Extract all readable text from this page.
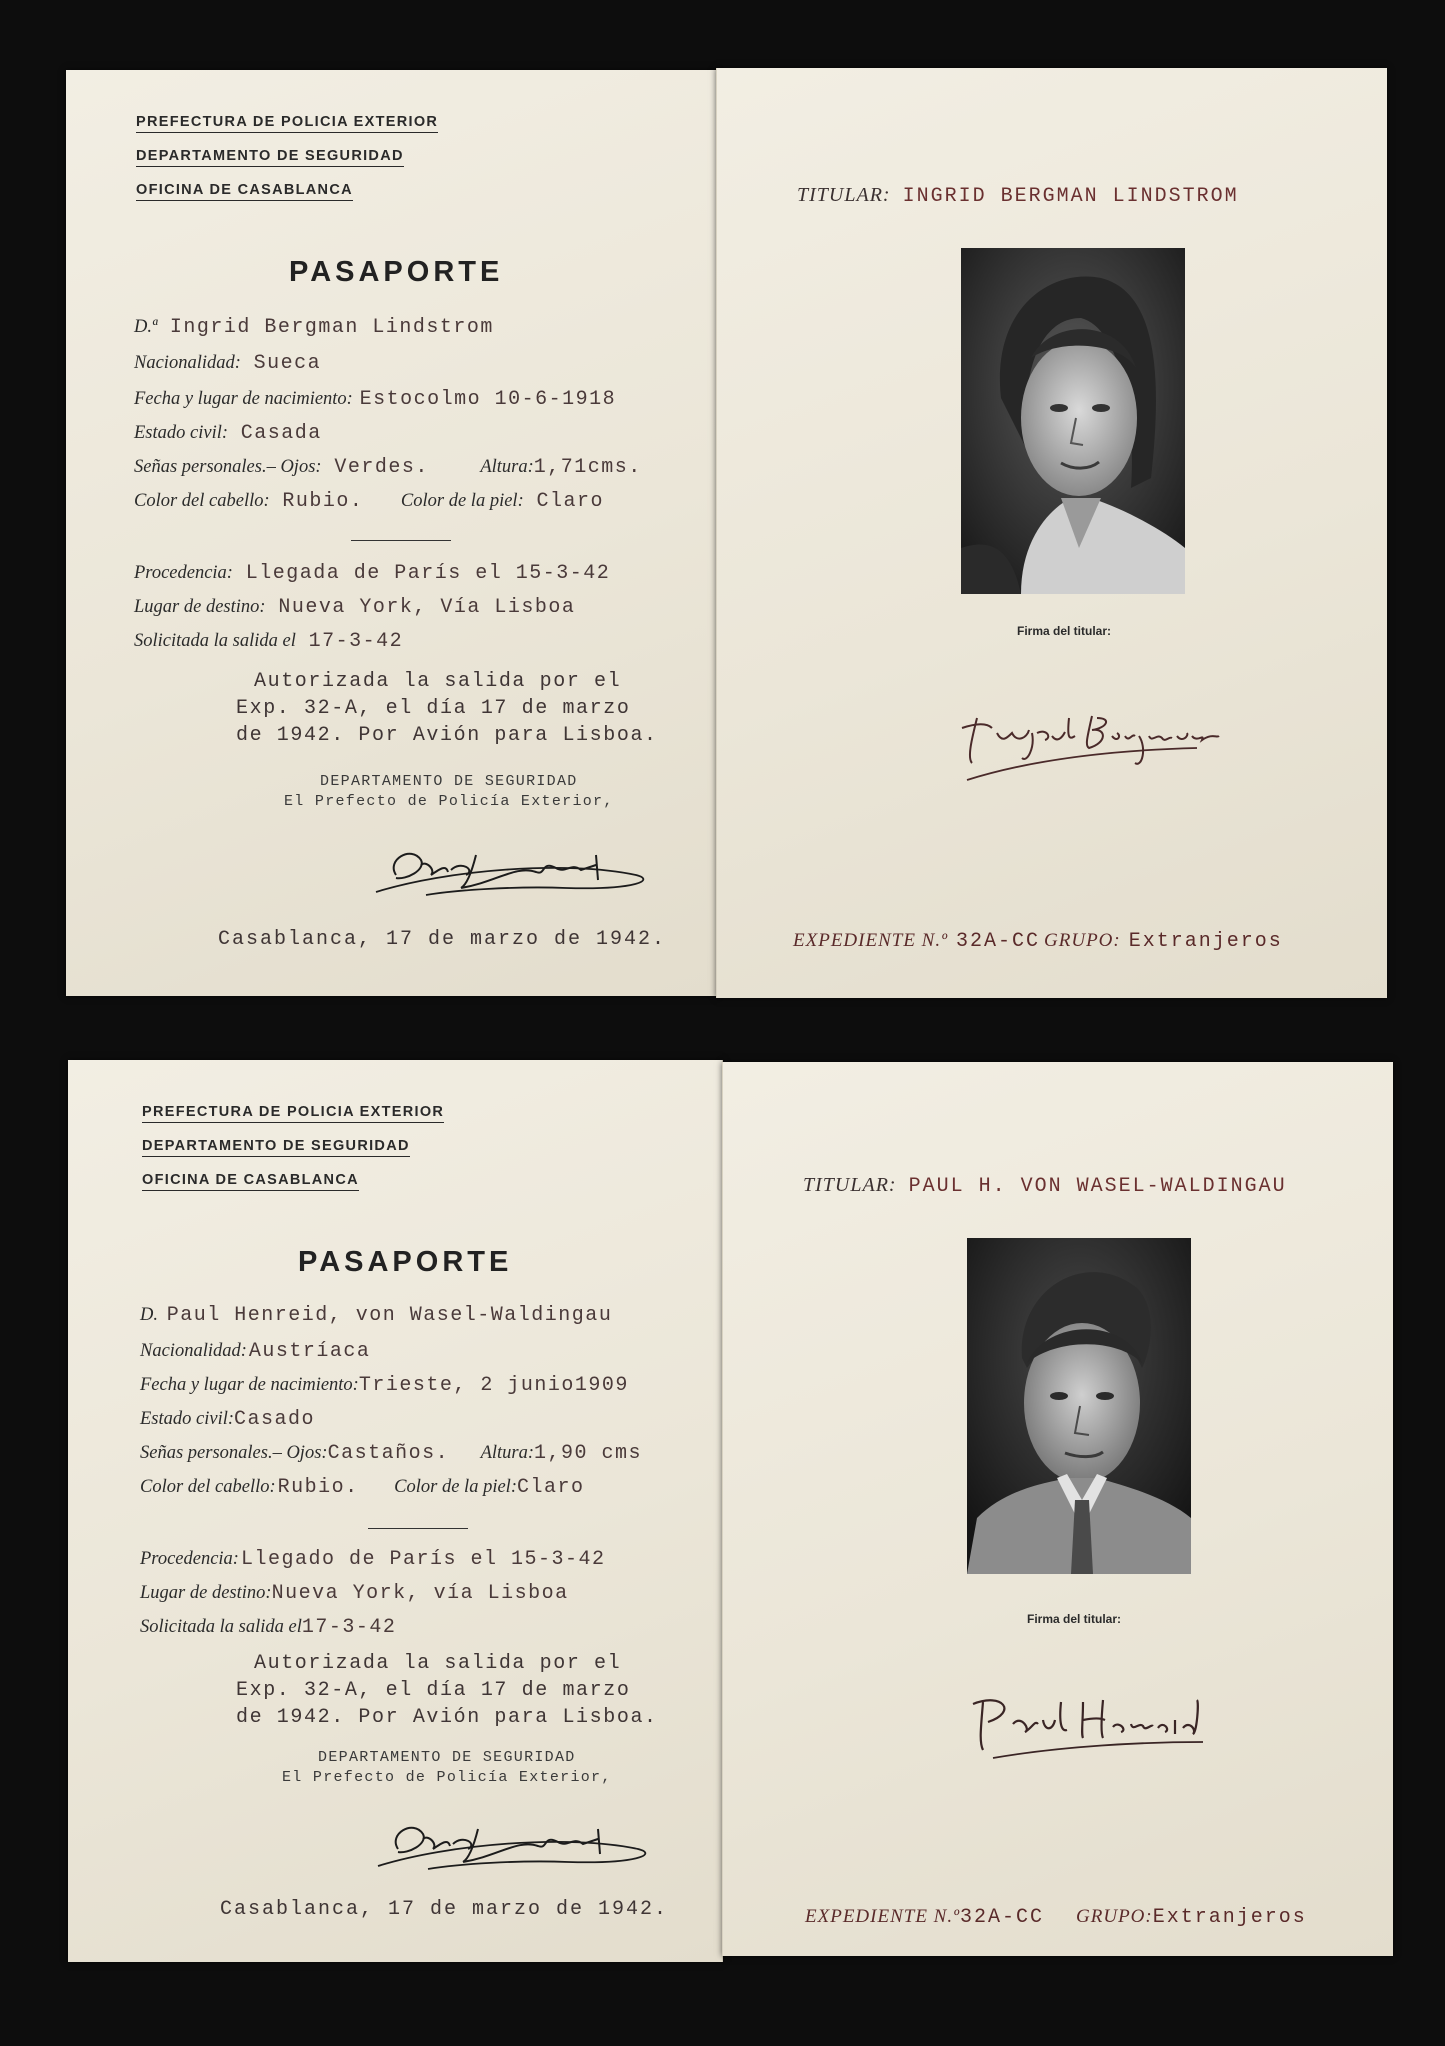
PREFECTURA DE POLICIA EXTERIOR
DEPARTAMENTO DE SEGURIDAD
OFICINA DE CASABLANCA
PASAPORTE
D.ª Ingrid Bergman Lindstrom
Nacionalidad: Sueca
Fecha y lugar de nacimiento: Estocolmo 10-6-1918
Estado civil: Casada
Señas personales.– Ojos: Verdes.	Altura:1,71cms.
Color del cabello: Rubio. Color de la piel: Claro
Procedencia: Llegada de París el 15-3-42
Lugar de destino: Nueva York, Vía Lisboa
Solicitada la salida el 17-3-42
Autorizada la salida por el
Exp. 32-A, el día 17 de marzo
de 1942. Por Avión para Lisboa.
DEPARTAMENTO DE SEGURIDAD
El Prefecto de Policía Exterior,
Casablanca, 17 de marzo de 1942.
TITULAR: INGRID BERGMAN LINDSTROM
Firma del titular:
EXPEDIENTE N.º 32A-CC GRUPO: Extranjeros
PREFECTURA DE POLICIA EXTERIOR
DEPARTAMENTO DE SEGURIDAD
OFICINA DE CASABLANCA
PASAPORTE
D. Paul Henreid, von Wasel-Waldingau
Nacionalidad: Austríaca
Fecha y lugar de nacimiento:Trieste, 2 junio1909
Estado civil:Casado
Señas personales.– Ojos:Castaños. Altura:1,90 cms
Color del cabello: Rubio. Color de la piel:Claro
Procedencia: Llegado de París el 15-3-42
Lugar de destino:Nueva York, vía Lisboa
Solicitada la salida el17-3-42
Autorizada la salida por el
Exp. 32-A, el día 17 de marzo
de 1942. Por Avión para Lisboa.
DEPARTAMENTO DE SEGURIDAD
El Prefecto de Policía Exterior,
Casablanca, 17 de marzo de 1942.
TITULAR: PAUL H. VON WASEL-WALDINGAU
Firma del titular:
EXPEDIENTE N.º32A-CC GRUPO:Extranjeros
